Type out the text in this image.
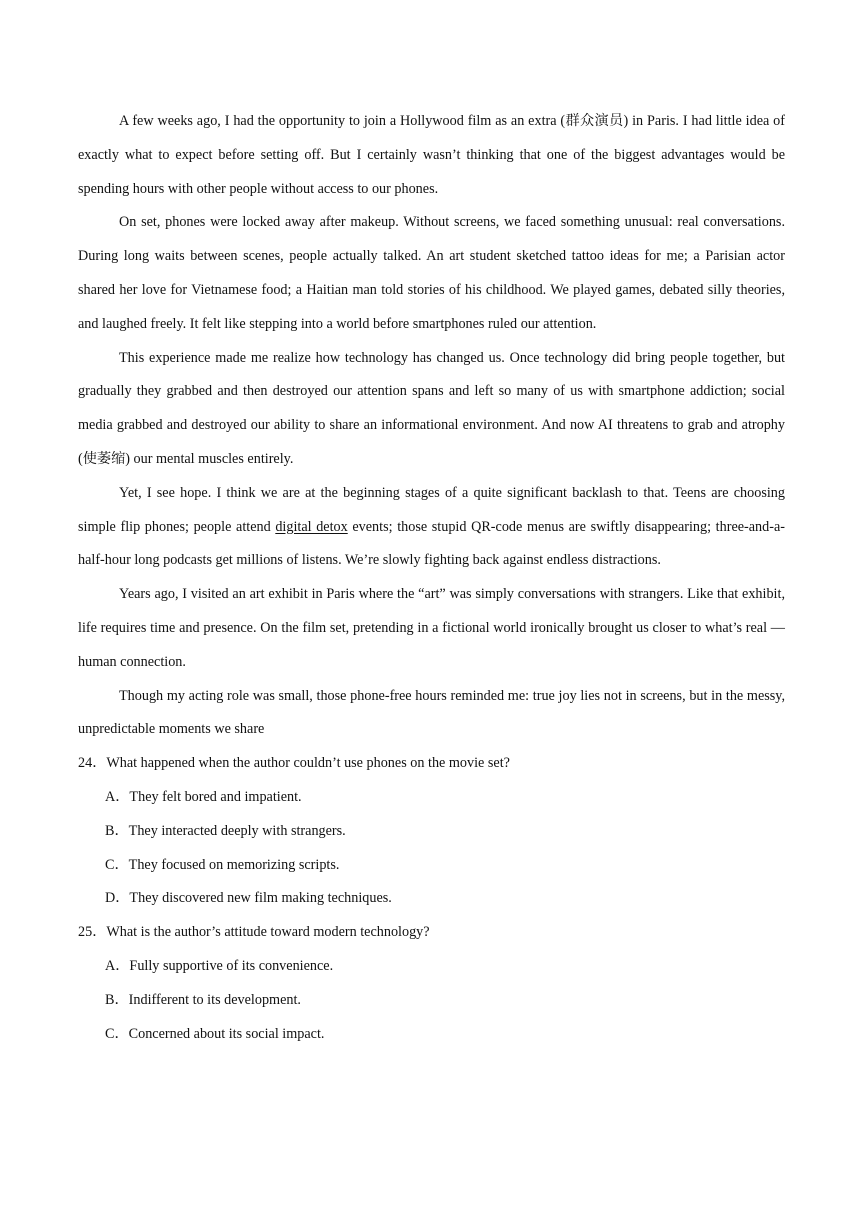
A few weeks ago, I had the opportunity to join a Hollywood film as an extra (群众演员) in Paris. I had little idea of exactly what to expect before setting off. But I certainly wasn’t thinking that one of the biggest advantages would be spending hours with other people without access to our phones.

On set, phones were locked away after makeup. Without screens, we faced something unusual: real conversations. During long waits between scenes, people actually talked. An art student sketched tattoo ideas for me; a Parisian actor shared her love for Vietnamese food; a Haitian man told stories of his childhood. We played games, debated silly theories, and laughed freely. It felt like stepping into a world before smartphones ruled our attention.

This experience made me realize how technology has changed us. Once technology did bring people together, but gradually they grabbed and then destroyed our attention spans and left so many of us with smartphone addiction; social media grabbed and destroyed our ability to share an informational environment. And now AI threatens to grab and atrophy (使萎缩) our mental muscles entirely.

Yet, I see hope. I think we are at the beginning stages of a quite significant backlash to that. Teens are choosing simple flip phones; people attend digital detox events; those stupid QR-code menus are swiftly disappearing; three-and-a-half-hour long podcasts get millions of listens. We’re slowly fighting back against endless distractions.

Years ago, I visited an art exhibit in Paris where the “art” was simply conversations with strangers. Like that exhibit, life requires time and presence. On the film set, pretending in a fictional world ironically brought us closer to what’s real — human connection.

Though my acting role was small, those phone-free hours reminded me: true joy lies not in screens, but in the messy, unpredictable moments we share

24．What happened when the author couldn’t use phones on the movie set?

A．They felt bored and impatient.

B．They interacted deeply with strangers.

C．They focused on memorizing scripts.

D．They discovered new film making techniques.

25．What is the author’s attitude toward modern technology?

A．Fully supportive of its convenience.

B．Indifferent to its development.

C．Concerned about its social impact.
